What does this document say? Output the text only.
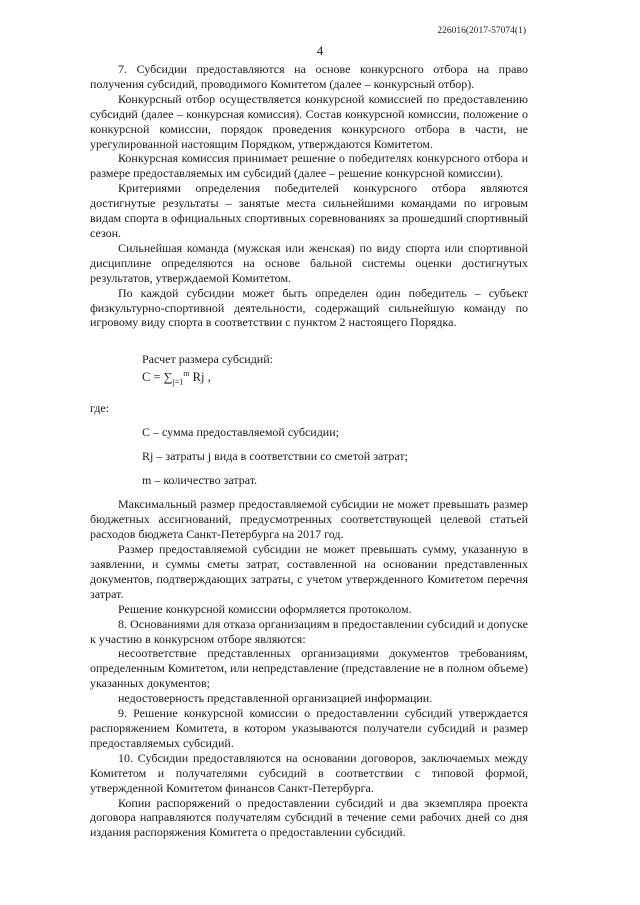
226016(2017-57074(1)
4

7. Субсидии предоставляются на основе конкурсного отбора на право получения субсидий, проводимого Комитетом (далее – конкурсный отбор).

Конкурсный отбор осуществляется конкурсной комиссией по предоставлению субсидий (далее – конкурсная комиссия). Состав конкурсной комиссии, положение о конкурсной комиссии, порядок проведения конкурсного отбора в части, не урегулированной настоящим Порядком, утверждаются Комитетом.

Конкурсная комиссия принимает решение о победителях конкурсного отбора и размере предоставляемых им субсидий (далее – решение конкурсной комиссии).

Критериями определения победителей конкурсного отбора являются достигнутые результаты – занятые места сильнейшими командами по игровым видам спорта в официальных спортивных соревнованиях за прошедший спортивный сезон.

Сильнейшая команда (мужская или женская) по виду спорта или спортивной дисциплине определяются на основе бальной системы оценки достигнутых результатов, утверждаемой Комитетом.

По каждой субсидии может быть определен один победитель – субъект физкультурно-спортивной деятельности, содержащий сильнейшую команду по игровому виду спорта в соответствии с пунктом 2 настоящего Порядка.

Расчет размера субсидий:

$C = \sum_{j=1}^m$ Rj ,

где:

C – сумма предоставляемой субсидии;

Rj – затраты j вида в соответствии со сметой затрат;

m – количество затрат.

Максимальный размер предоставляемой субсидии не может превышать размер бюджетных ассигнований, предусмотренных соответствующей целевой статьей расходов бюджета Санкт-Петербурга на 2017 год.

Размер предоставляемой субсидии не может превышать сумму, указанную в заявлении, и суммы сметы затрат, составленной на основании представленных документов, подтверждающих затраты, с учетом утвержденного Комитетом перечня затрат.

Решение конкурсной комиссии оформляется протоколом.

8. Основаниями для отказа организациям в предоставлении субсидий и допуске к участию в конкурсном отборе являются:

несоответствие представленных организациями документов требованиям, определенным Комитетом, или непредставление (представление не в полном объеме) указанных документов;

недостоверность представленной организацией информации.

9. Решение конкурсной комиссии о предоставлении субсидий утверждается распоряжением Комитета, в котором указываются получатели субсидий и размер предоставляемых субсидий.

10. Субсидии предоставляются на основании договоров, заключаемых между Комитетом и получателями субсидий в соответствии с типовой формой, утвержденной Комитетом финансов Санкт-Петербурга.

Копии распоряжений о предоставлении субсидий и два экземпляра проекта договора направляются получателям субсидий в течение семи рабочих дней со дня издания распоряжения Комитета о предоставлении субсидий.
